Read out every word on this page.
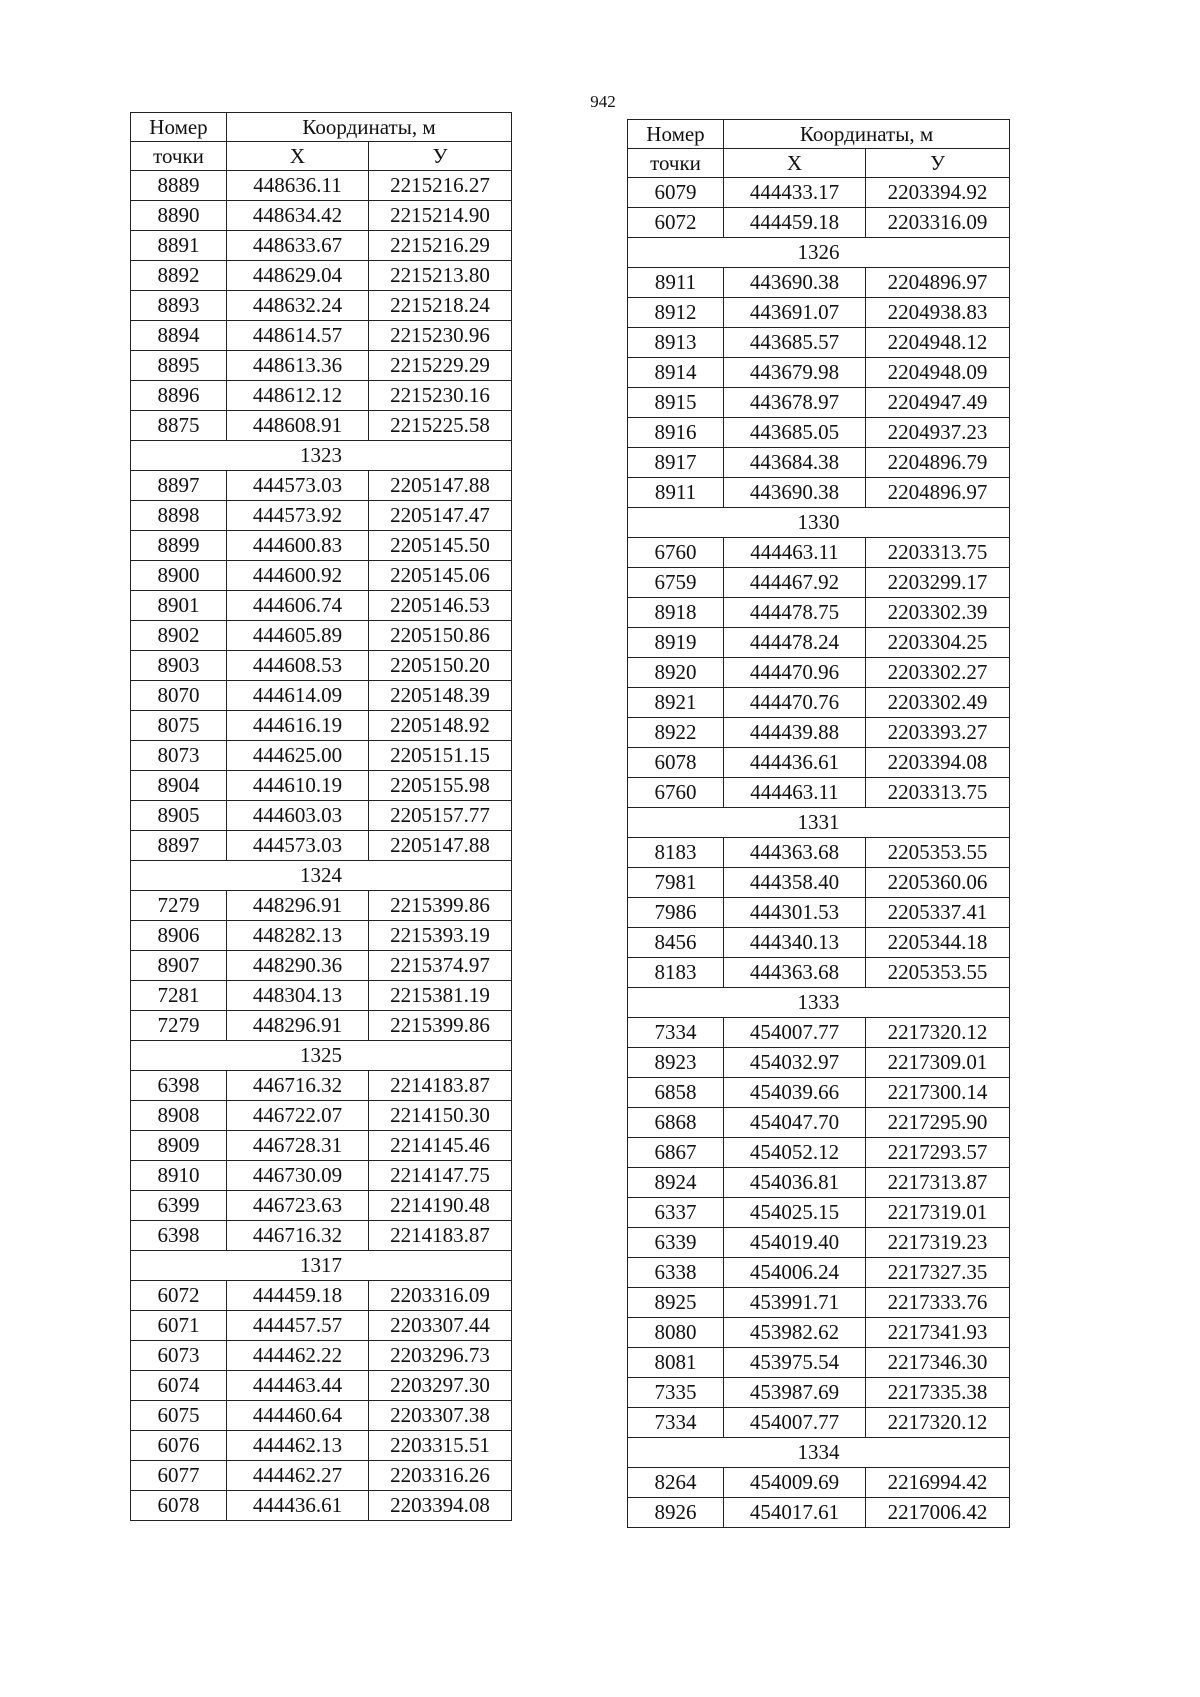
942
Номер	Координаты, м	
точки	X	У
8889	448636.11	2215216.27
8890	448634.42	2215214.90
8891	448633.67	2215216.29
8892	448629.04	2215213.80
8893	448632.24	2215218.24
8894	448614.57	2215230.96
8895	448613.36	2215229.29
8896	448612.12	2215230.16
8875	448608.91	2215225.58
1323		
8897	444573.03	2205147.88
8898	444573.92	2205147.47
8899	444600.83	2205145.50
8900	444600.92	2205145.06
8901	444606.74	2205146.53
8902	444605.89	2205150.86
8903	444608.53	2205150.20
8070	444614.09	2205148.39
8075	444616.19	2205148.92
8073	444625.00	2205151.15
8904	444610.19	2205155.98
8905	444603.03	2205157.77
8897	444573.03	2205147.88
1324		
7279	448296.91	2215399.86
8906	448282.13	2215393.19
8907	448290.36	2215374.97
7281	448304.13	2215381.19
7279	448296.91	2215399.86
1325		
6398	446716.32	2214183.87
8908	446722.07	2214150.30
8909	446728.31	2214145.46
8910	446730.09	2214147.75
6399	446723.63	2214190.48
6398	446716.32	2214183.87
1317		
6072	444459.18	2203316.09
6071	444457.57	2203307.44
6073	444462.22	2203296.73
6074	444463.44	2203297.30
6075	444460.64	2203307.38
6076	444462.13	2203315.51
6077	444462.27	2203316.26
6078	444436.61	2203394.08
Номер	Координаты, м	
точки	X	У
6079	444433.17	2203394.92
6072	444459.18	2203316.09
1326		
8911	443690.38	2204896.97
8912	443691.07	2204938.83
8913	443685.57	2204948.12
8914	443679.98	2204948.09
8915	443678.97	2204947.49
8916	443685.05	2204937.23
8917	443684.38	2204896.79
8911	443690.38	2204896.97
1330		
6760	444463.11	2203313.75
6759	444467.92	2203299.17
8918	444478.75	2203302.39
8919	444478.24	2203304.25
8920	444470.96	2203302.27
8921	444470.76	2203302.49
8922	444439.88	2203393.27
6078	444436.61	2203394.08
6760	444463.11	2203313.75
1331		
8183	444363.68	2205353.55
7981	444358.40	2205360.06
7986	444301.53	2205337.41
8456	444340.13	2205344.18
8183	444363.68	2205353.55
1333		
7334	454007.77	2217320.12
8923	454032.97	2217309.01
6858	454039.66	2217300.14
6868	454047.70	2217295.90
6867	454052.12	2217293.57
8924	454036.81	2217313.87
6337	454025.15	2217319.01
6339	454019.40	2217319.23
6338	454006.24	2217327.35
8925	453991.71	2217333.76
8080	453982.62	2217341.93
8081	453975.54	2217346.30
7335	453987.69	2217335.38
7334	454007.77	2217320.12
1334		
8264	454009.69	2216994.42
8926	454017.61	2217006.42
